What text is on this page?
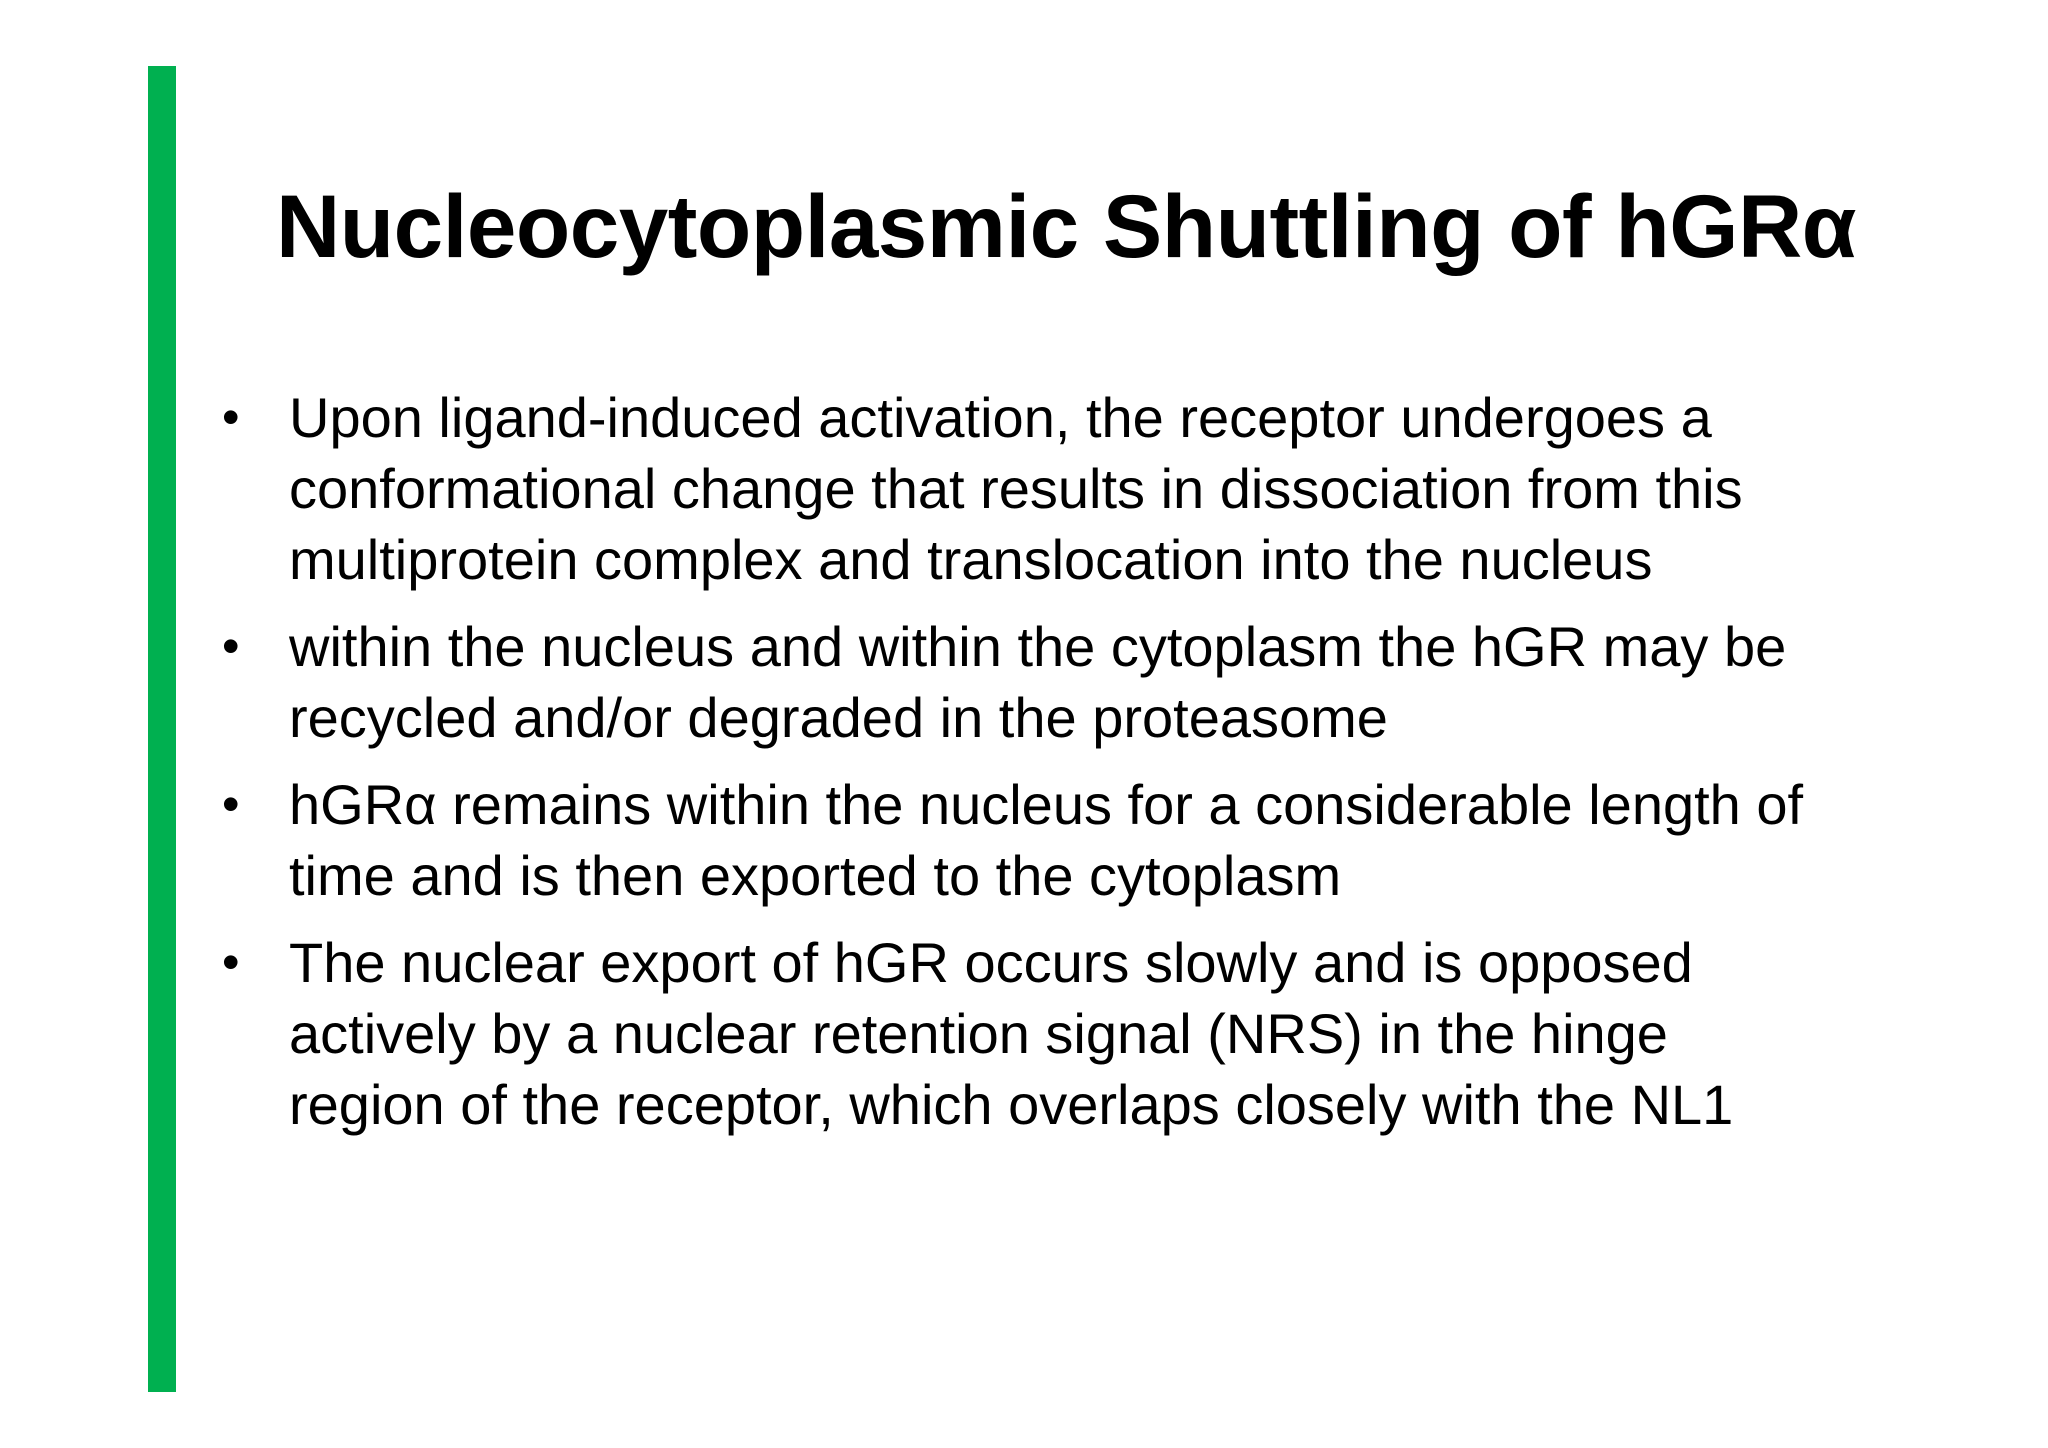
Nucleocytoplasmic Shuttling of hGRα
• Upon ligand-induced activation, the receptor undergoes a conformational change that results in dissociation from this multiprotein complex and translocation into the nucleus
• within the nucleus and within the cytoplasm the hGR may be recycled and/or degraded in the proteasome
• hGRα remains within the nucleus for a considerable length of time and is then exported to the cytoplasm
• The nuclear export of hGR occurs slowly and is opposed actively by a nuclear retention signal (NRS) in the hinge region of the receptor, which overlaps closely with the NL1
